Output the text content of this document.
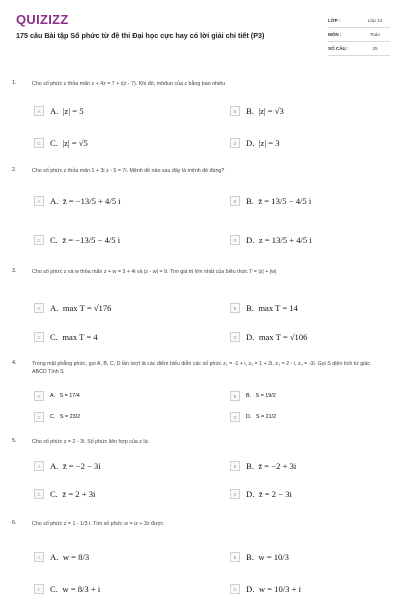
QUIZIZZ
175 câu Bài tập Số phức từ đề thi Đại học cực hay có lời giải chi tiết (P3)
LỚP :	Lớp 12
MÔN :	Toán
SỐ CÂU :	25
1.	Cho số phức z thỏa mãn z + 4z = 7 + i(z - 7). Khi đó, môđun của z bằng bao nhiêu
A	A.
|z| = 5	B	B.
|z| = √3
C	C.
|z| = √5	D	D.
|z| = 3
2.	Cho số phức z thỏa mãn 1 + 3i z - 5 = 7i. Mệnh đề nào sau đây là mệnh đề đúng?
A	A.
z̄ = −13/5 + 4/5 i	B	B.
z̄ = 13/5 − 4/5 i
C	C.
z̄ = −13/5 − 4/5 i	D	D.
z = 13/5 + 4/5 i
3.	Cho số phức z và w thỏa mãn z + w = 3 + 4i và |z - w| = 9. Tìm giá trị lớn nhất của biểu thức T = |z| + |w|
A	A.
max T = √176	B	B.
max T = 14
C	C.
max T = 4	D	D.
max T = √106
4.	Trong mặt phẳng phức, gọi A, B, C, D lần lượt là các điểm biểu diễn các số phức z₁ = -1 + i, z₂ = 1 + 2i, z₃ = 2 - i, z₄ = -3i. Gọi S diện tích tứ giác ABCD Tính S
A	A.
S = 17/4	B	B.
S = 19/2
C	C.
S = 23/2	D	D.
S = 21/2
5.	Cho số phức z = 2 - 3i. Số phức liên hợp của z là:
A	A.
z̄ = −2 − 3i	B	B.
z̄ = −2 + 3i
C	C.
z̄ = 2 + 3i	D	D.
z̄ = 2 − 3i
6.	Cho số phức z = 1 - 1/3 i. Tìm số phức w = iz + 3z được
A	A.
w = 8/3	B	B.
w = 10/3
C	C.
w = 8/3 + i	D	D.
w = 10/3 + i
